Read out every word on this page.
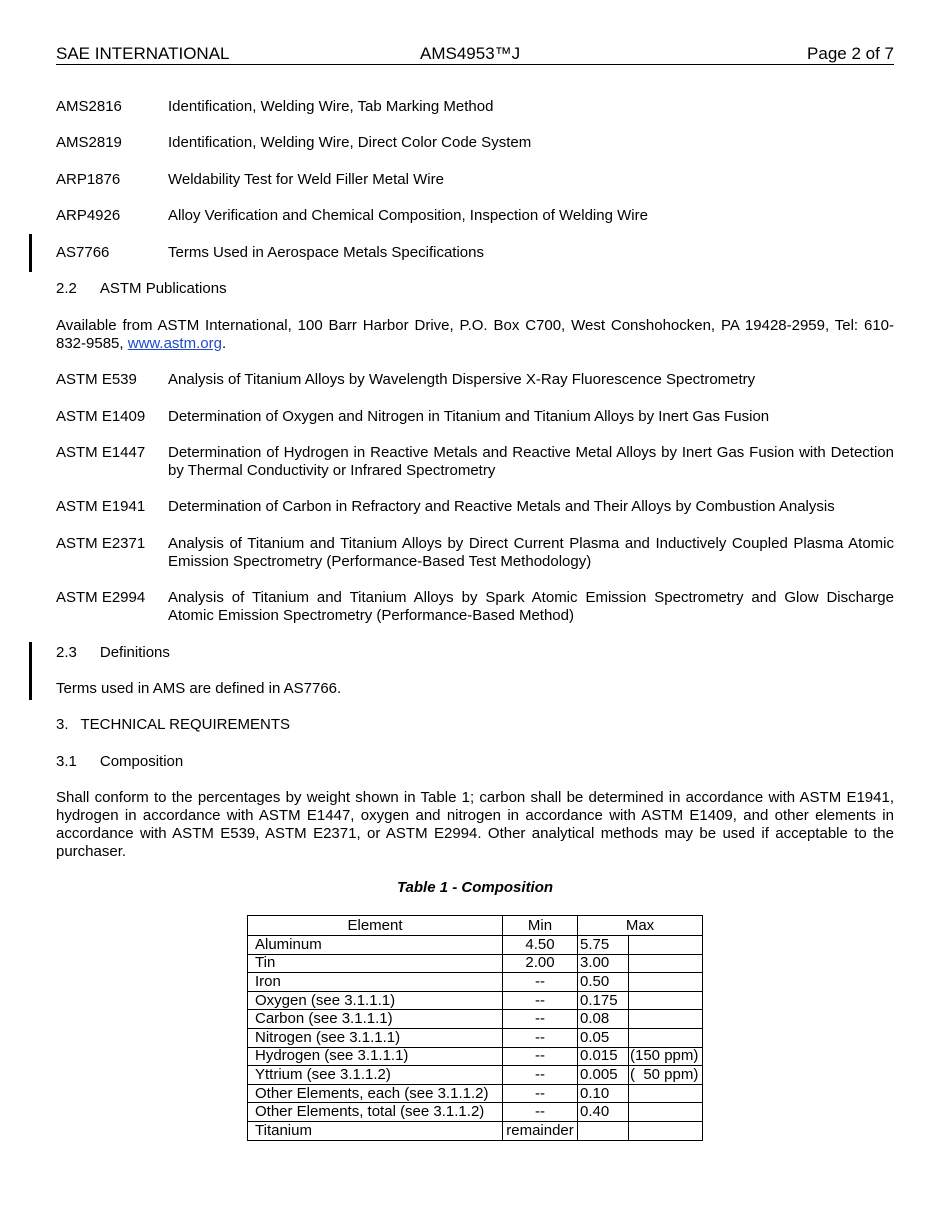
SAE INTERNATIONAL	AMS4953™J	Page 2 of 7
AMS2816	Identification, Welding Wire, Tab Marking Method
AMS2819	Identification, Welding Wire, Direct Color Code System
ARP1876	Weldability Test for Weld Filler Metal Wire
ARP4926	Alloy Verification and Chemical Composition, Inspection of Welding Wire
AS7766	Terms Used in Aerospace Metals Specifications
2.2 ASTM Publications
Available from ASTM International, 100 Barr Harbor Drive, P.O. Box C700, West Conshohocken, PA 19428-2959, Tel: 610-832-9585, www.astm.org.
ASTM E539 Analysis of Titanium Alloys by Wavelength Dispersive X-Ray Fluorescence Spectrometry
ASTM E1409 Determination of Oxygen and Nitrogen in Titanium and Titanium Alloys by Inert Gas Fusion
ASTM E1447 Determination of Hydrogen in Reactive Metals and Reactive Metal Alloys by Inert Gas Fusion with Detection by Thermal Conductivity or Infrared Spectrometry
ASTM E1941 Determination of Carbon in Refractory and Reactive Metals and Their Alloys by Combustion Analysis
ASTM E2371 Analysis of Titanium and Titanium Alloys by Direct Current Plasma and Inductively Coupled Plasma Atomic Emission Spectrometry (Performance-Based Test Methodology)
ASTM E2994 Analysis of Titanium and Titanium Alloys by Spark Atomic Emission Spectrometry and Glow Discharge Atomic Emission Spectrometry (Performance-Based Method)
2.3 Definitions
Terms used in AMS are defined in AS7766.
3. TECHNICAL REQUIREMENTS
3.1 Composition
Shall conform to the percentages by weight shown in Table 1; carbon shall be determined in accordance with ASTM E1941, hydrogen in accordance with ASTM E1447, oxygen and nitrogen in accordance with ASTM E1409, and other elements in accordance with ASTM E539, ASTM E2371, or ASTM E2994. Other analytical methods may be used if acceptable to the purchaser.
Table 1 - Composition
Element	Min	Max	
Aluminum	4.50	5.75	
Tin	2.00	3.00	
Iron	--	0.50	
Oxygen (see 3.1.1.1)	--	0.175	
Carbon (see 3.1.1.1)	--	0.08	
Nitrogen (see 3.1.1.1)	--	0.05	
Hydrogen (see 3.1.1.1)	--	0.015	(150 ppm)
Yttrium (see 3.1.1.2)	--	0.005	(  50 ppm)
Other Elements, each (see 3.1.1.2)	--	0.10	
Other Elements, total (see 3.1.1.2)	--	0.40	
Titanium	remainder		
